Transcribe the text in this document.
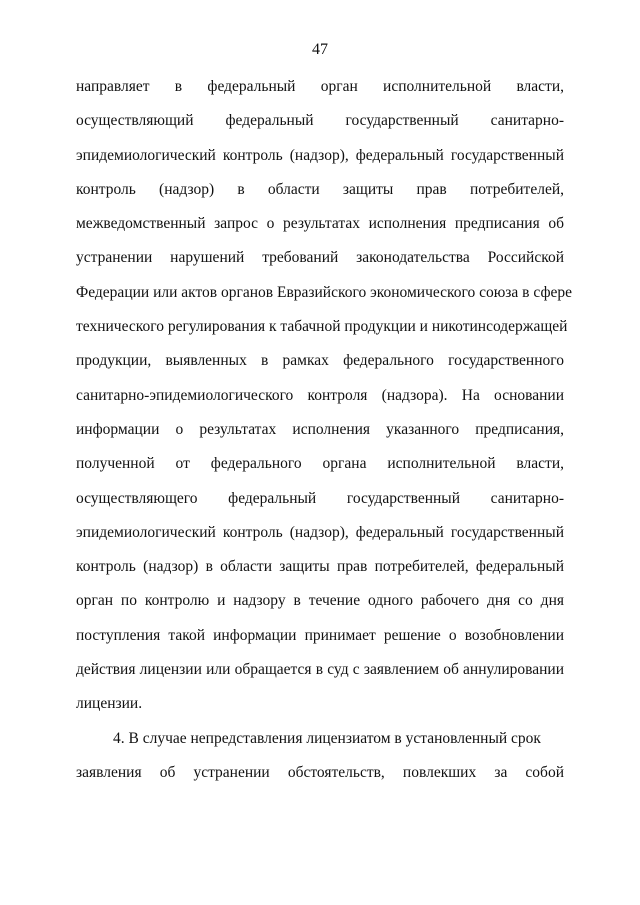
47
направляет в федеральный орган исполнительной власти,
осуществляющий федеральный государственный санитарно-
эпидемиологический контроль (надзор), федеральный государственный
контроль (надзор) в области защиты прав потребителей,
межведомственный запрос о результатах исполнения предписания об
устранении нарушений требований законодательства Российской
Федерации или актов органов Евразийского экономического союза в сфере
технического регулирования к табачной продукции и никотинсодержащей
продукции, выявленных в рамках федерального государственного
санитарно-эпидемиологического контроля (надзора). На основании
информации о результатах исполнения указанного предписания,
полученной от федерального органа исполнительной власти,
осуществляющего федеральный государственный санитарно-
эпидемиологический контроль (надзор), федеральный государственный
контроль (надзор) в области защиты прав потребителей, федеральный
орган по контролю и надзору в течение одного рабочего дня со дня
поступления такой информации принимает решение о возобновлении
действия лицензии или обращается в суд с заявлением об аннулировании
лицензии.
4. В случае непредставления лицензиатом в установленный срок
заявления об устранении обстоятельств, повлекших за собой
